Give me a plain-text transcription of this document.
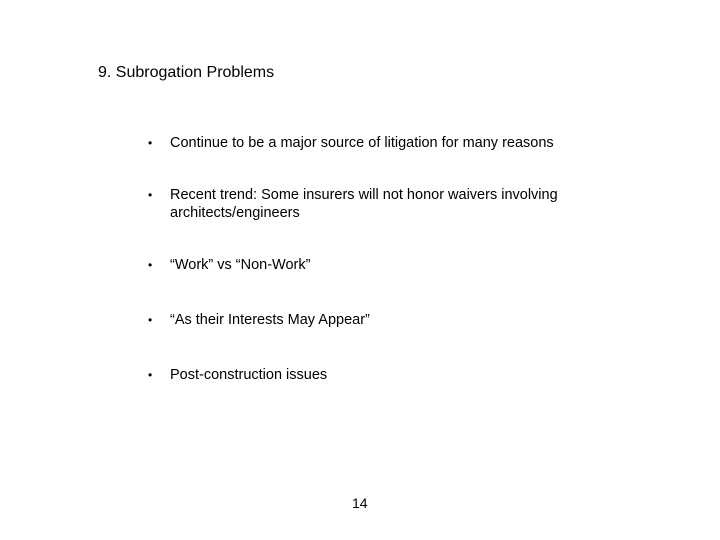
9. Subrogation Problems
•	Continue to be a major source of litigation for many reasons
•	Recent trend: Some insurers will not honor waivers involving architects/engineers
•	“Work” vs “Non-Work”
•	“As their Interests May Appear”
•	Post-construction issues
14
